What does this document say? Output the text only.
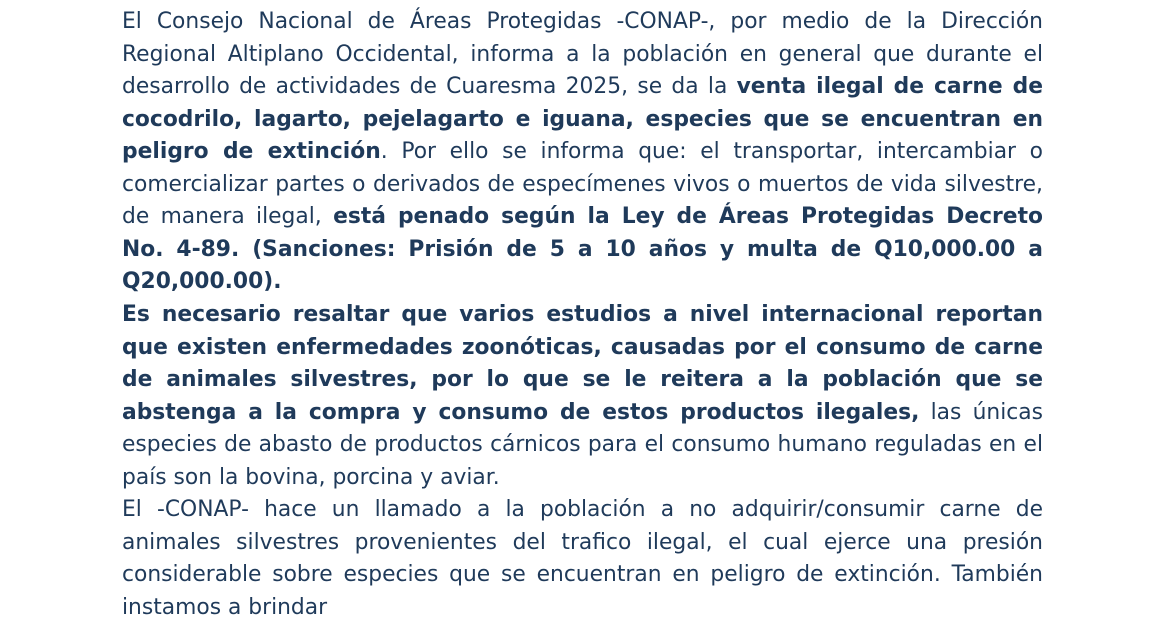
El Consejo Nacional de Áreas Protegidas -CONAP-, por medio de la Dirección Regional Altiplano Occidental, informa a la población en general que durante el desarrollo de actividades de Cuaresma 2025, se da la venta ilegal de carne de cocodrilo, lagarto, pejelagarto e iguana, especies que se encuentran en peligro de extinción. Por ello se informa que: el transportar, intercambiar o comercializar partes o derivados de especímenes vivos o muertos de vida silvestre, de manera ilegal, está penado según la Ley de Áreas Protegidas Decreto No. 4-89. (Sanciones: Prisión de 5 a 10 años y multa de Q10,000.00 a Q20,000.00).

Es necesario resaltar que varios estudios a nivel internacional reportan que existen enfermedades zoonóticas, causadas por el consumo de carne de animales silvestres, por lo que se le reitera a la población que se abstenga a la compra y consumo de estos productos ilegales, las únicas especies de abasto de productos cárnicos para el consumo humano reguladas en el país son la bovina, porcina y aviar.

El -CONAP- hace un llamado a la población a no adquirir/consumir carne de animales silvestres provenientes del trafico ilegal, el cual ejerce una presión considerable sobre especies que se encuentran en peligro de extinción. También instamos a brindar
